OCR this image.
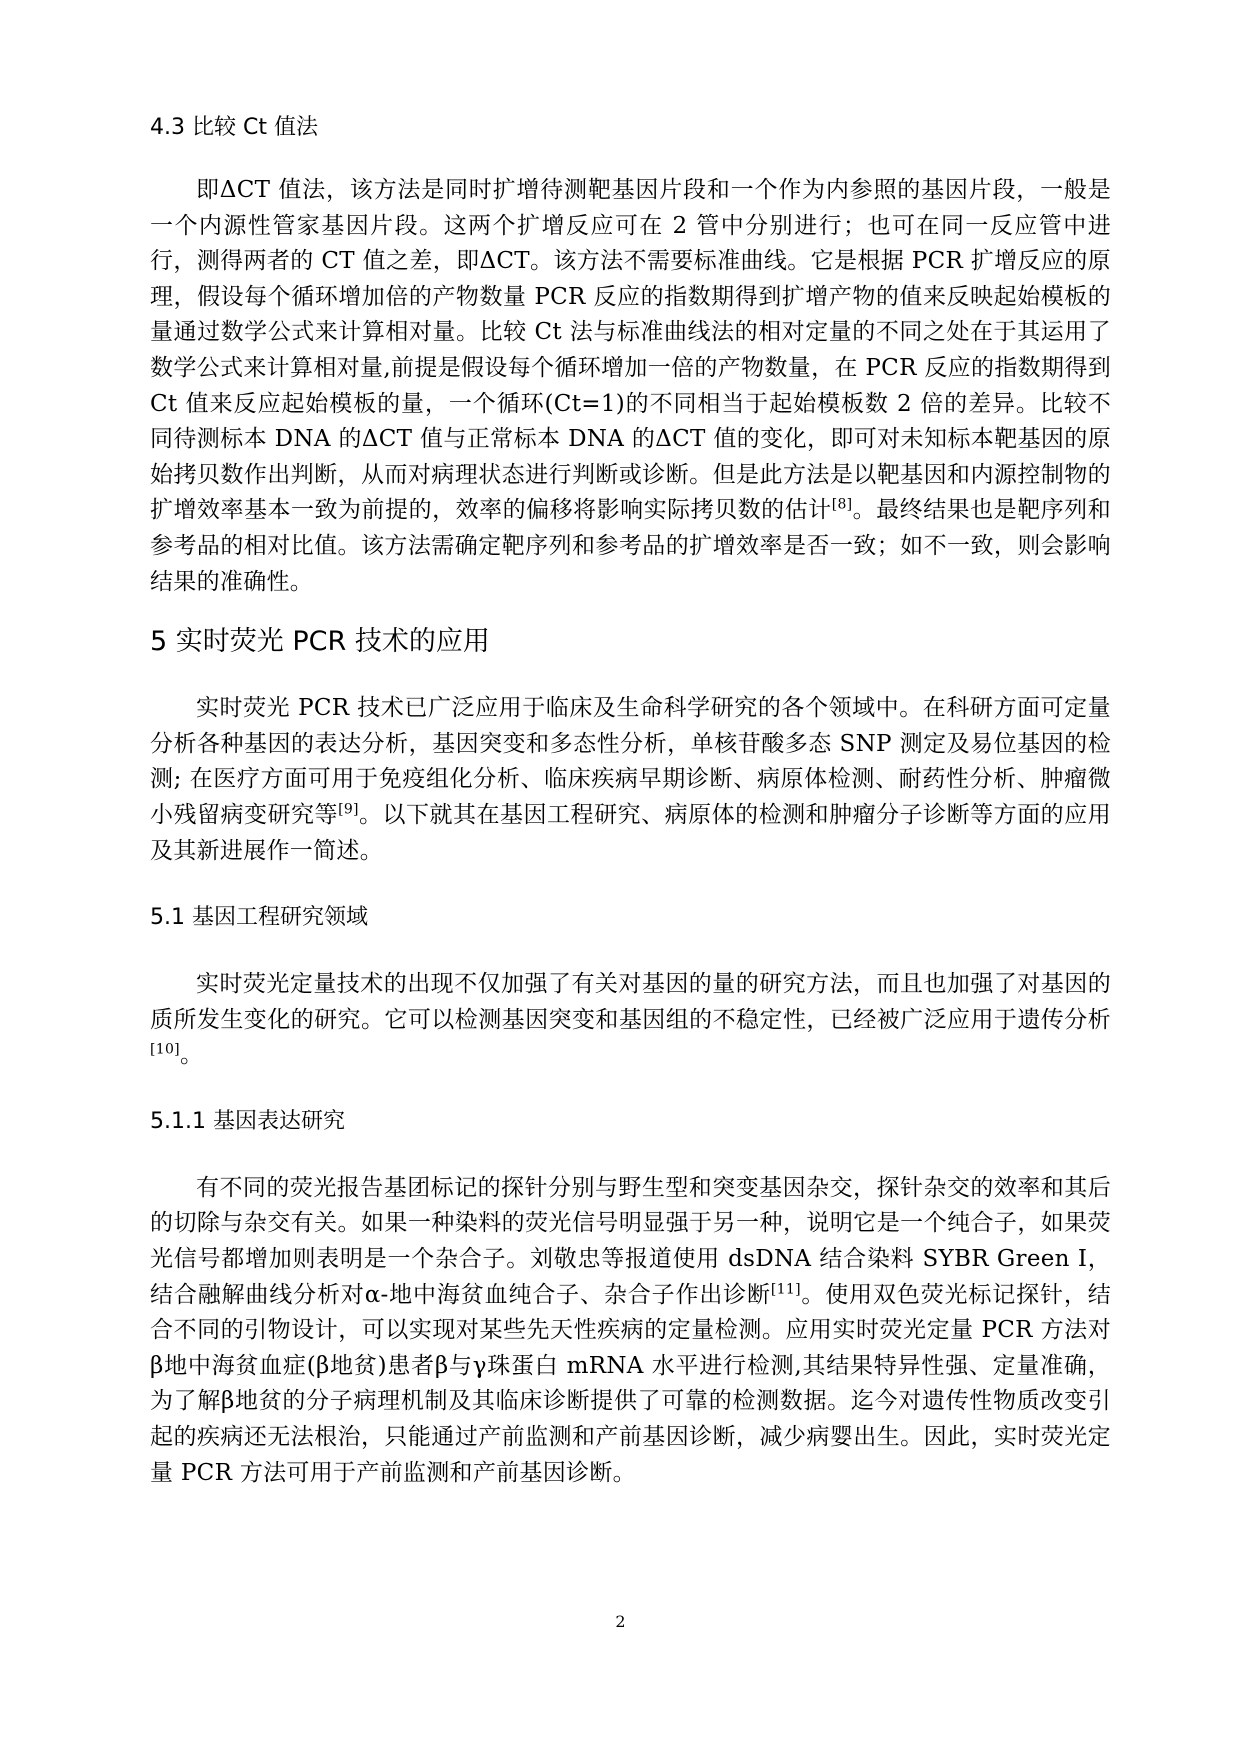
4.3 比较 Ct 值法

即ΔCT 值法，该方法是同时扩增待测靶基因片段和一个作为内参照的基因片段，一般是一个内源性管家基因片段。这两个扩增反应可在 2 管中分别进行；也可在同一反应管中进行，测得两者的 CT 值之差，即ΔCT。该方法不需要标准曲线。它是根据 PCR 扩增反应的原理，假设每个循环增加倍的产物数量 PCR 反应的指数期得到扩增产物的值来反映起始模板的量通过数学公式来计算相对量。比较 Ct 法与标准曲线法的相对定量的不同之处在于其运用了数学公式来计算相对量,前提是假设每个循环增加一倍的产物数量，在 PCR 反应的指数期得到 Ct 值来反应起始模板的量，一个循环(Ct=1)的不同相当于起始模板数 2 倍的差异。比较不同待测标本 DNA 的ΔCT 值与正常标本 DNA 的ΔCT 值的变化，即可对未知标本靶基因的原始拷贝数作出判断，从而对病理状态进行判断或诊断。但是此方法是以靶基因和内源控制物的扩增效率基本一致为前提的，效率的偏移将影响实际拷贝数的估计[8]。最终结果也是靶序列和参考品的相对比值。该方法需确定靶序列和参考品的扩增效率是否一致；如不一致，则会影响结果的准确性。

5 实时荧光 PCR 技术的应用

实时荧光 PCR 技术已广泛应用于临床及生命科学研究的各个领域中。在科研方面可定量分析各种基因的表达分析，基因突变和多态性分析，单核苷酸多态 SNP 测定及易位基因的检测; 在医疗方面可用于免疫组化分析、临床疾病早期诊断、病原体检测、耐药性分析、肿瘤微小残留病变研究等[9]。以下就其在基因工程研究、病原体的检测和肿瘤分子诊断等方面的应用及其新进展作一简述。

5.1 基因工程研究领域

实时荧光定量技术的出现不仅加强了有关对基因的量的研究方法，而且也加强了对基因的质所发生变化的研究。它可以检测基因突变和基因组的不稳定性，已经被广泛应用于遗传分析[10]。

5.1.1 基因表达研究

有不同的荧光报告基团标记的探针分别与野生型和突变基因杂交，探针杂交的效率和其后的切除与杂交有关。如果一种染料的荧光信号明显强于另一种，说明它是一个纯合子，如果荧光信号都增加则表明是一个杂合子。刘敬忠等报道使用 dsDNA 结合染料 SYBR Green I，结合融解曲线分析对α-地中海贫血纯合子、杂合子作出诊断[11]。使用双色荧光标记探针，结合不同的引物设计，可以实现对某些先天性疾病的定量检测。应用实时荧光定量 PCR 方法对β地中海贫血症(β地贫)患者β与γ珠蛋白 mRNA 水平进行检测,其结果特异性强、定量准确，为了解β地贫的分子病理机制及其临床诊断提供了可靠的检测数据。迄今对遗传性物质改变引起的疾病还无法根治，只能通过产前监测和产前基因诊断，减少病婴出生。因此，实时荧光定量 PCR 方法可用于产前监测和产前基因诊断。

2
